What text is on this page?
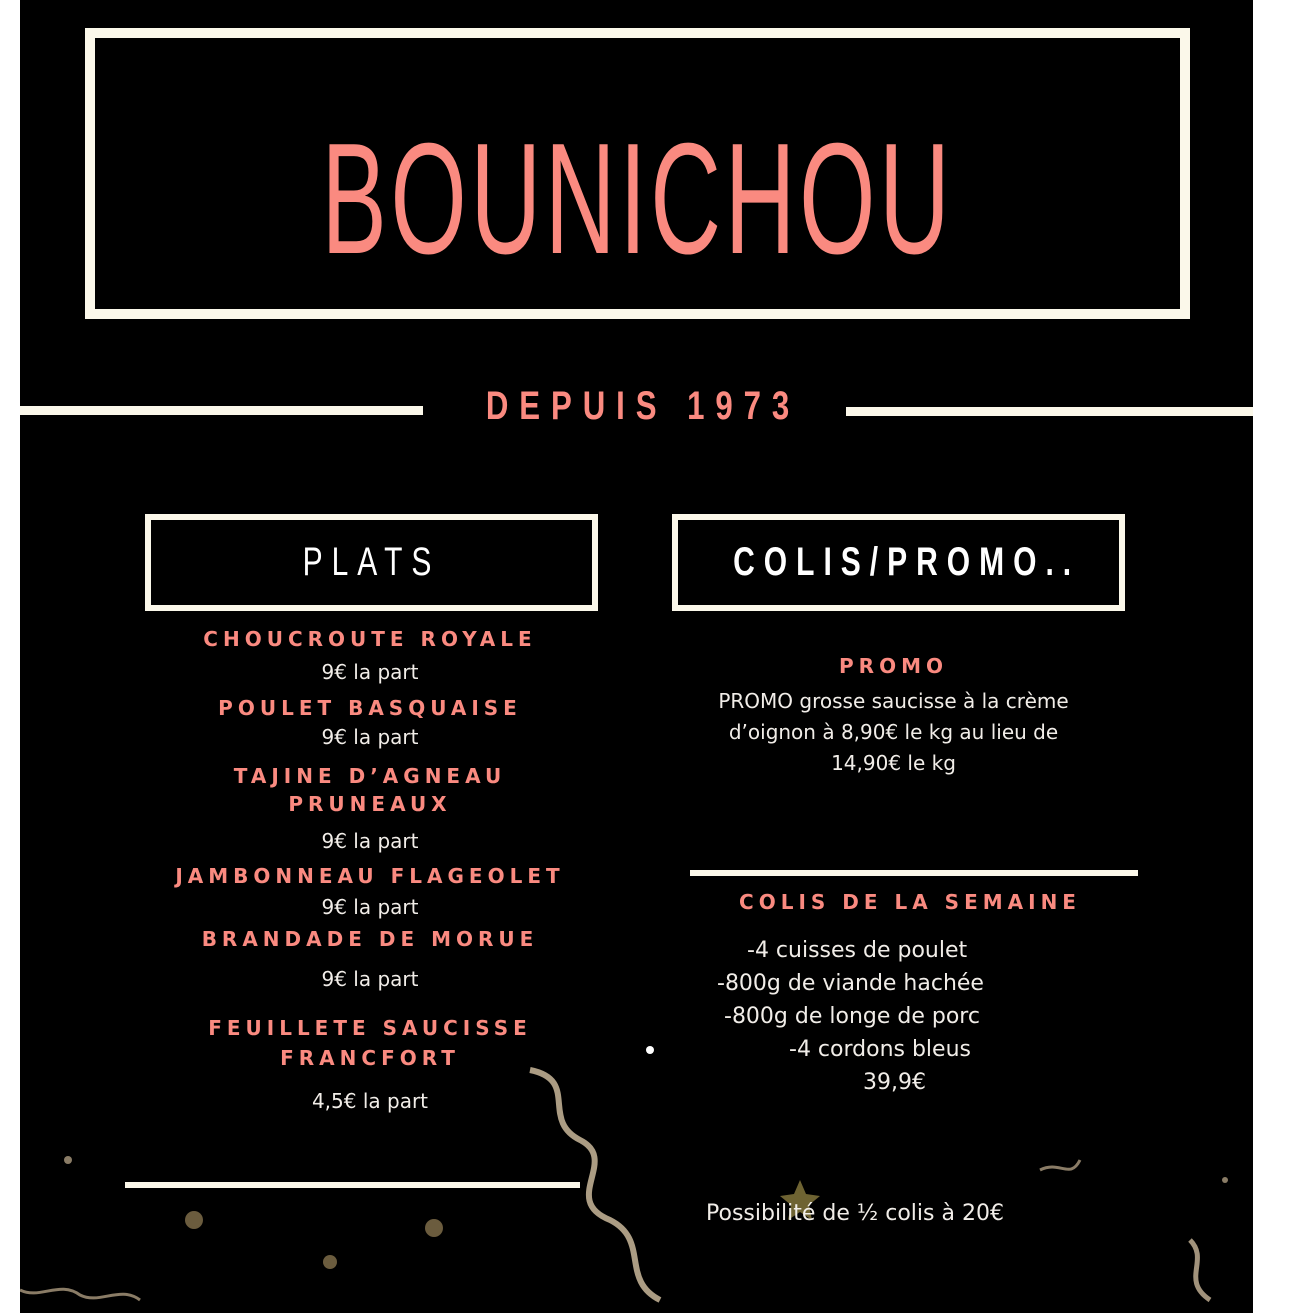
BOUNICHOU
DEPUIS 1973
PLATS
CHOUCROUTE ROYALE
9€ la part
POULET BASQUAISE
9€ la part
TAJINE D’AGNEAU
PRUNEAUX
9€ la part
JAMBONNEAU FLAGEOLET
9€ la part
BRANDADE DE MORUE
9€ la part
FEUILLETE SAUCISSE
FRANCFORT
4,5€ la part
COLIS/PROMO..
PROMO
PROMO grosse saucisse à la crème
d’oignon à 8,90€ le kg au lieu de
14,90€ le kg
COLIS DE LA SEMAINE
-4 cuisses de poulet
-800g de viande hachée
-800g de longe de porc
-4 cordons bleus
39,9€
Possibilité de ½ colis à 20€
